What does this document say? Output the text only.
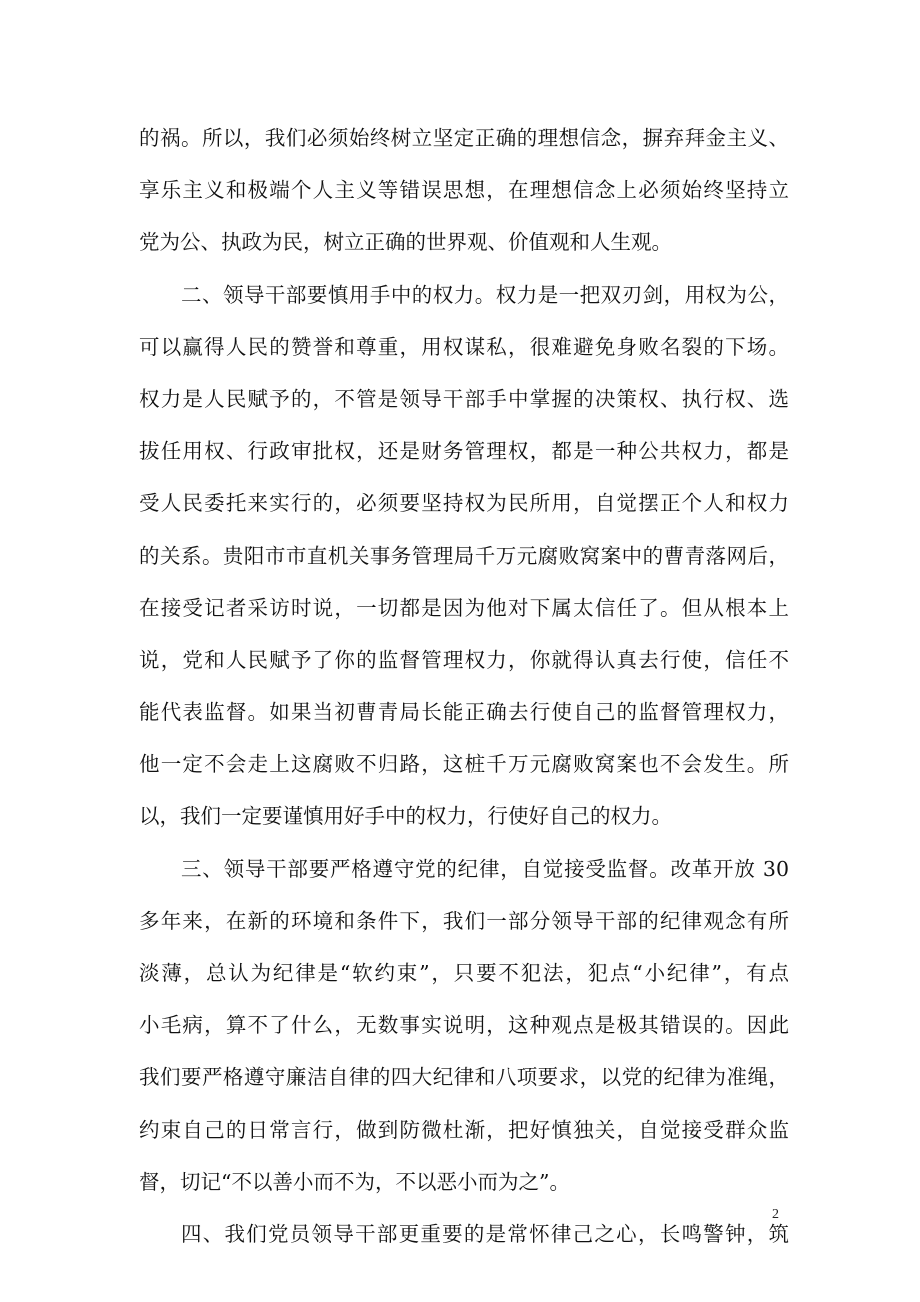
的祸。所以，我们必须始终树立坚定正确的理想信念，摒弃拜金主义、
享乐主义和极端个人主义等错误思想，在理想信念上必须始终坚持立
党为公、执政为民，树立正确的世界观、价值观和人生观。
二、领导干部要慎用手中的权力。权力是一把双刃剑，用权为公，
可以赢得人民的赞誉和尊重，用权谋私，很难避免身败名裂的下场。
权力是人民赋予的，不管是领导干部手中掌握的决策权、执行权、选
拔任用权、行政审批权，还是财务管理权，都是一种公共权力，都是
受人民委托来实行的，必须要坚持权为民所用，自觉摆正个人和权力
的关系。贵阳市市直机关事务管理局千万元腐败窝案中的曹青落网后，
在接受记者采访时说，一切都是因为他对下属太信任了。但从根本上
说，党和人民赋予了你的监督管理权力，你就得认真去行使，信任不
能代表监督。如果当初曹青局长能正确去行使自己的监督管理权力，
他一定不会走上这腐败不归路，这桩千万元腐败窝案也不会发生。所
以，我们一定要谨慎用好手中的权力，行使好自己的权力。
三、领导干部要严格遵守党的纪律，自觉接受监督。改革开放 30
多年来，在新的环境和条件下，我们一部分领导干部的纪律观念有所
淡薄，总认为纪律是“软约束”，只要不犯法，犯点“小纪律”，有点
小毛病，算不了什么，无数事实说明，这种观点是极其错误的。因此
我们要严格遵守廉洁自律的四大纪律和八项要求，以党的纪律为准绳，
约束自己的日常言行，做到防微杜渐，把好慎独关，自觉接受群众监
督，切记“不以善小而不为，不以恶小而为之”。
四、我们党员领导干部更重要的是常怀律己之心，长鸣警钟，筑
2
